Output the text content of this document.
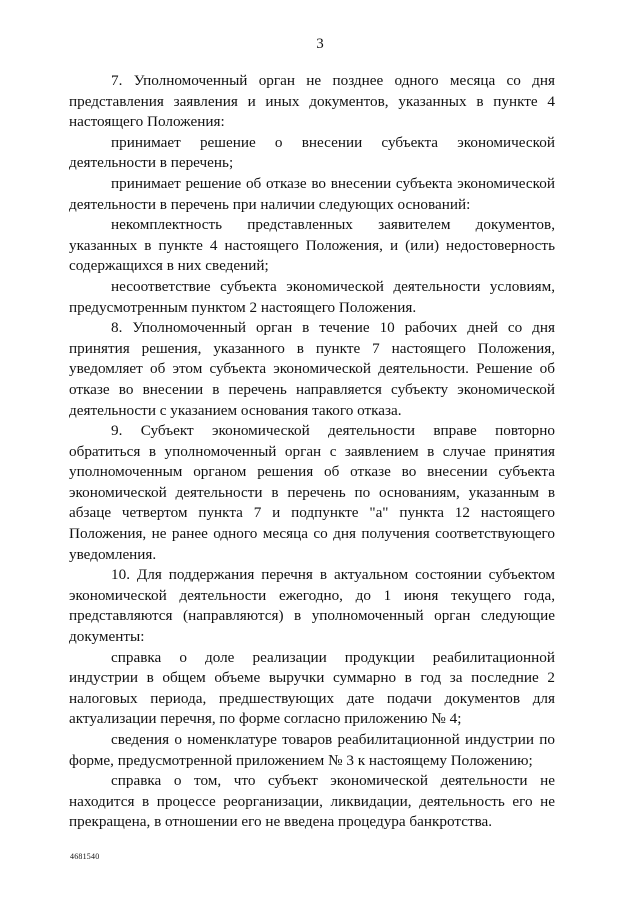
3

7. Уполномоченный орган не позднее одного месяца со дня представления заявления и иных документов, указанных в пункте 4 настоящего Положения:

принимает решение о внесении субъекта экономической деятельности в перечень;

принимает решение об отказе во внесении субъекта экономической деятельности в перечень при наличии следующих оснований:

некомплектность представленных заявителем документов, указанных в пункте 4 настоящего Положения, и (или) недостоверность содержащихся в них сведений;

несоответствие субъекта экономической деятельности условиям, предусмотренным пунктом 2 настоящего Положения.

8. Уполномоченный орган в течение 10 рабочих дней со дня принятия решения, указанного в пункте 7 настоящего Положения, уведомляет об этом субъекта экономической деятельности. Решение об отказе во внесении в перечень направляется субъекту экономической деятельности с указанием основания такого отказа.

9. Субъект экономической деятельности вправе повторно обратиться в уполномоченный орган с заявлением в случае принятия уполномоченным органом решения об отказе во внесении субъекта экономической деятельности в перечень по основаниям, указанным в абзаце четвертом пункта 7 и подпункте "а" пункта 12 настоящего Положения, не ранее одного месяца со дня получения соответствующего уведомления.

10. Для поддержания перечня в актуальном состоянии субъектом экономической деятельности ежегодно, до 1 июня текущего года, представляются (направляются) в уполномоченный орган следующие документы:

справка о доле реализации продукции реабилитационной индустрии в общем объеме выручки суммарно в год за последние 2 налоговых периода, предшествующих дате подачи документов для актуализации перечня, по форме согласно приложению № 4;

сведения о номенклатуре товаров реабилитационной индустрии по форме, предусмотренной приложением № 3 к настоящему Положению;

справка о том, что субъект экономической деятельности не находится в процессе реорганизации, ликвидации, деятельность его не прекращена, в отношении его не введена процедура банкротства.

4681540
